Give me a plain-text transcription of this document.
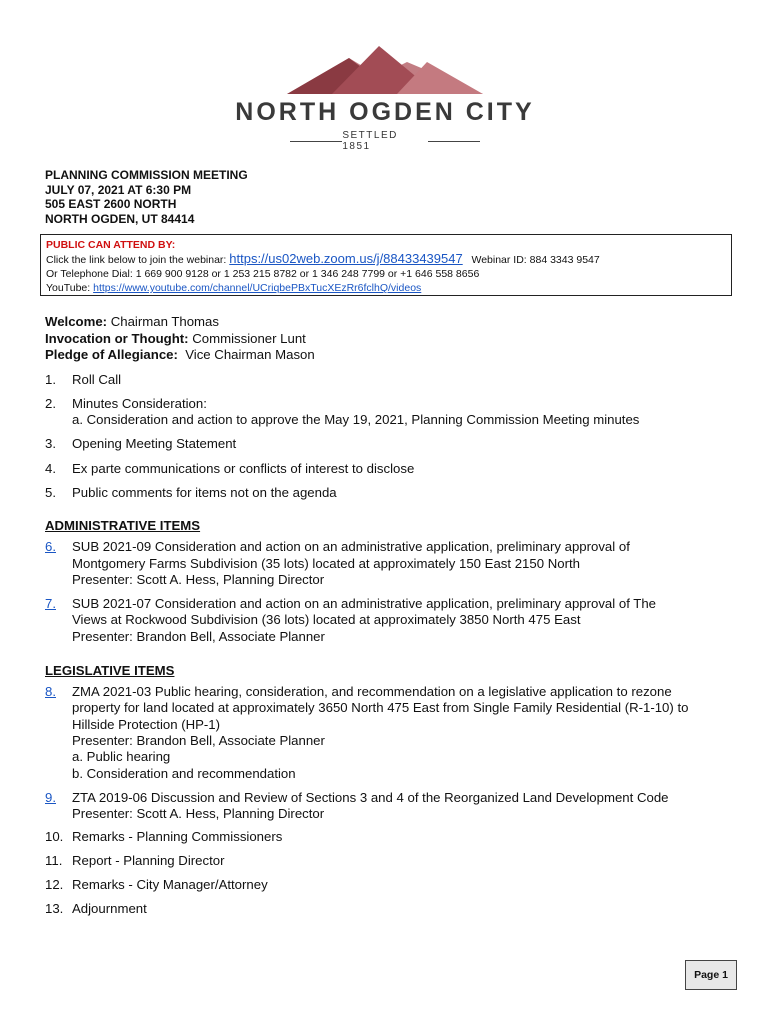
NORTH OGDEN CITY
SETTLED 1851
PLANNING COMMISSION MEETING
JULY 07, 2021 AT 6:30 PM
505 EAST 2600 NORTH
NORTH OGDEN, UT 84414
PUBLIC CAN ATTEND BY:
Click the link below to join the webinar: https://us02web.zoom.us/j/88433439547 Webinar ID: 884 3343 9547
Or Telephone Dial: 1 669 900 9128 or 1 253 215 8782 or 1 346 248 7799 or +1 646 558 8656
YouTube: https://www.youtube.com/channel/UCriqbePBxTucXEzRr6fclhQ/videos
Welcome: Chairman Thomas
Invocation or Thought: Commissioner Lunt
Pledge of Allegiance: Vice Chairman Mason
1. Roll Call
2. Minutes Consideration:
a. Consideration and action to approve the May 19, 2021, Planning Commission Meeting minutes
3. Opening Meeting Statement
4. Ex parte communications or conflicts of interest to disclose
5. Public comments for items not on the agenda
ADMINISTRATIVE ITEMS
6. SUB 2021-09 Consideration and action on an administrative application, preliminary approval of
Montgomery Farms Subdivision (35 lots) located at approximately 150 East 2150 North
Presenter: Scott A. Hess, Planning Director
7. SUB 2021-07 Consideration and action on an administrative application, preliminary approval of The
Views at Rockwood Subdivision (36 lots) located at approximately 3850 North 475 East
Presenter: Brandon Bell, Associate Planner
LEGISLATIVE ITEMS
8. ZMA 2021-03 Public hearing, consideration, and recommendation on a legislative application to rezone
property for land located at approximately 3650 North 475 East from Single Family Residential (R-1-10) to
Hillside Protection (HP-1)
Presenter: Brandon Bell, Associate Planner
a. Public hearing
b. Consideration and recommendation
9. ZTA 2019-06 Discussion and Review of Sections 3 and 4 of the Reorganized Land Development Code
Presenter: Scott A. Hess, Planning Director
10. Remarks - Planning Commissioners
11. Report - Planning Director
12. Remarks - City Manager/Attorney
13. Adjournment
Page 1
